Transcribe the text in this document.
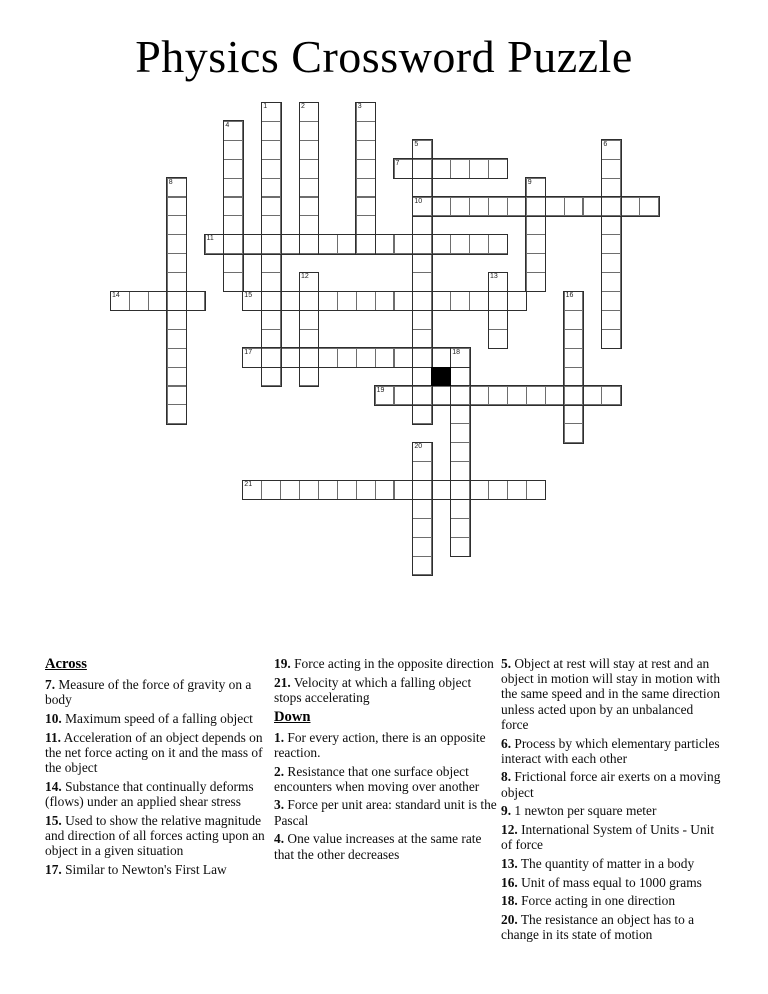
Physics Crossword Puzzle
1	2	3
4
5
10
6
7
8	9
11
12	13
14	15	16
17	18
19
20
21

Across

7. Measure of the force of gravity on a body

10. Maximum speed of a falling object

11. Acceleration of an object depends on the net force acting on it and the mass of the object

14. Substance that continually deforms (flows) under an applied shear stress

15. Used to show the relative magnitude and direction of all forces acting upon an object in a given situation

17. Similar to Newton's First Law

19. Force acting in the opposite direction

21. Velocity at which a falling object stops accelerating

Down

1. For every action, there is an opposite reaction.

2. Resistance that one surface object encounters when moving over another

3. Force per unit area: standard unit is the Pascal

4. One value increases at the same rate that the other decreases

5. Object at rest will stay at rest and an object in motion will stay in motion with the same speed and in the same direction unless acted upon by an unbalanced force

6. Process by which elementary particles interact with each other

8. Frictional force air exerts on a moving object

9. 1 newton per square meter

12. International System of Units - Unit of force

13. The quantity of matter in a body

16. Unit of mass equal to 1000 grams

18. Force acting in one direction

20. The resistance an object has to a change in its state of motion
